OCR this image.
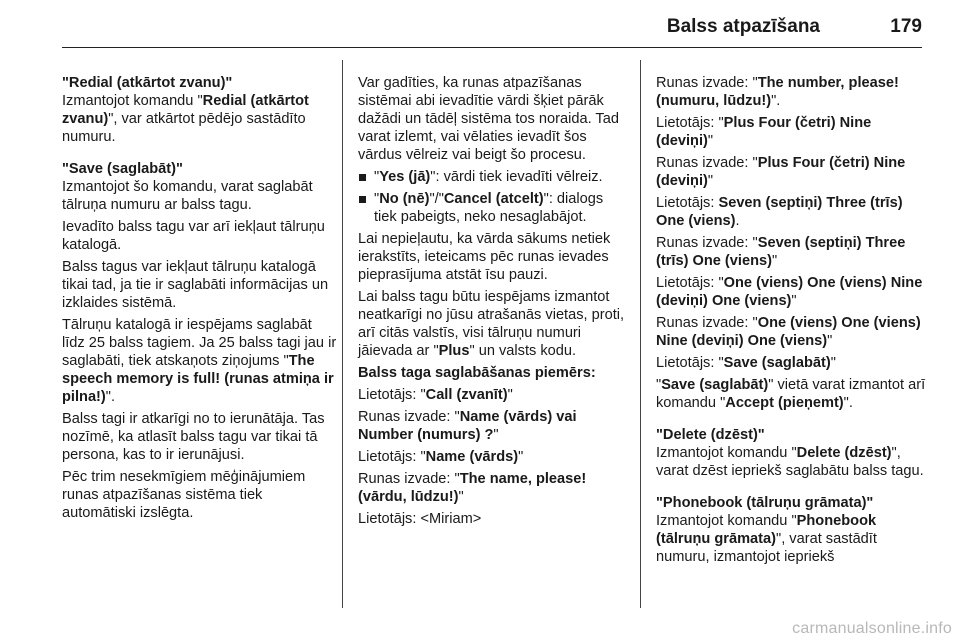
Balss atpazīšana	179

"Redial (atkārtot zvanu)"

Izmantojot komandu "Redial (atkārtot zvanu)", var atkārtot pēdējo sastādīto numuru.

"Save (saglabāt)"

Izmantojot šo komandu, varat saglabāt tālruņa numuru ar balss tagu.

Ievadīto balss tagu var arī iekļaut tālruņu katalogā.

Balss tagus var iekļaut tālruņu katalogā tikai tad, ja tie ir saglabāti informācijas un izklaides sistēmā.

Tālruņu katalogā ir iespējams saglabāt līdz 25 balss tagiem. Ja 25 balss tagi jau ir saglabāti, tiek atskaņots ziņojums "The speech memory is full! (runas atmiņa ir pilna!)".

Balss tagi ir atkarīgi no to ierunātāja. Tas nozīmē, ka atlasīt balss tagu var tikai tā persona, kas to ir ierunājusi.

Pēc trim nesekmīgiem mēģinājumiem runas atpazīšanas sistēma tiek automātiski izslēgta.

Var gadīties, ka runas atpazīšanas sistēmai abi ievadītie vārdi šķiet pārāk dažādi un tādēļ sistēma tos noraida. Tad varat izlemt, vai vēlaties ievadīt šos vārdus vēlreiz vai beigt šo procesu.

"Yes (jā)": vārdi tiek ievadīti vēlreiz.
"No (nē)"/"Cancel (atcelt)": dialogs tiek pabeigts, neko nesaglabājot.

Lai nepieļautu, ka vārda sākums netiek ierakstīts, ieteicams pēc runas ievades pieprasījuma atstāt īsu pauzi.

Lai balss tagu būtu iespējams izmantot neatkarīgi no jūsu atrašanās vietas, proti, arī citās valstīs, visi tālruņu numuri jāievada ar "Plus" un valsts kodu.

Balss taga saglabāšanas piemērs:

Lietotājs: "Call (zvanīt)"

Runas izvade: "Name (vārds) vai Number (numurs) ?"

Lietotājs: "Name (vārds)"

Runas izvade: "The name, please! (vārdu, lūdzu!)"

Lietotājs: <Miriam>

Runas izvade: "The number, please! (numuru, lūdzu!)".

Lietotājs: "Plus Four (četri) Nine (deviņi)"

Runas izvade: "Plus Four (četri) Nine (deviņi)"

Lietotājs: Seven (septiņi) Three (trīs) One (viens).

Runas izvade: "Seven (septiņi) Three (trīs) One (viens)"

Lietotājs: "One (viens) One (viens) Nine (deviņi) One (viens)"

Runas izvade: "One (viens) One (viens) Nine (deviņi) One (viens)"

Lietotājs: "Save (saglabāt)"

"Save (saglabāt)" vietā varat izmantot arī komandu "Accept (pieņemt)".

"Delete (dzēst)"

Izmantojot komandu "Delete (dzēst)", varat dzēst iepriekš saglabātu balss tagu.

"Phonebook (tālruņu grāmata)"

Izmantojot komandu "Phonebook (tālruņu grāmata)", varat sastādīt numuru, izmantojot iepriekš

carmanualsonline.info
